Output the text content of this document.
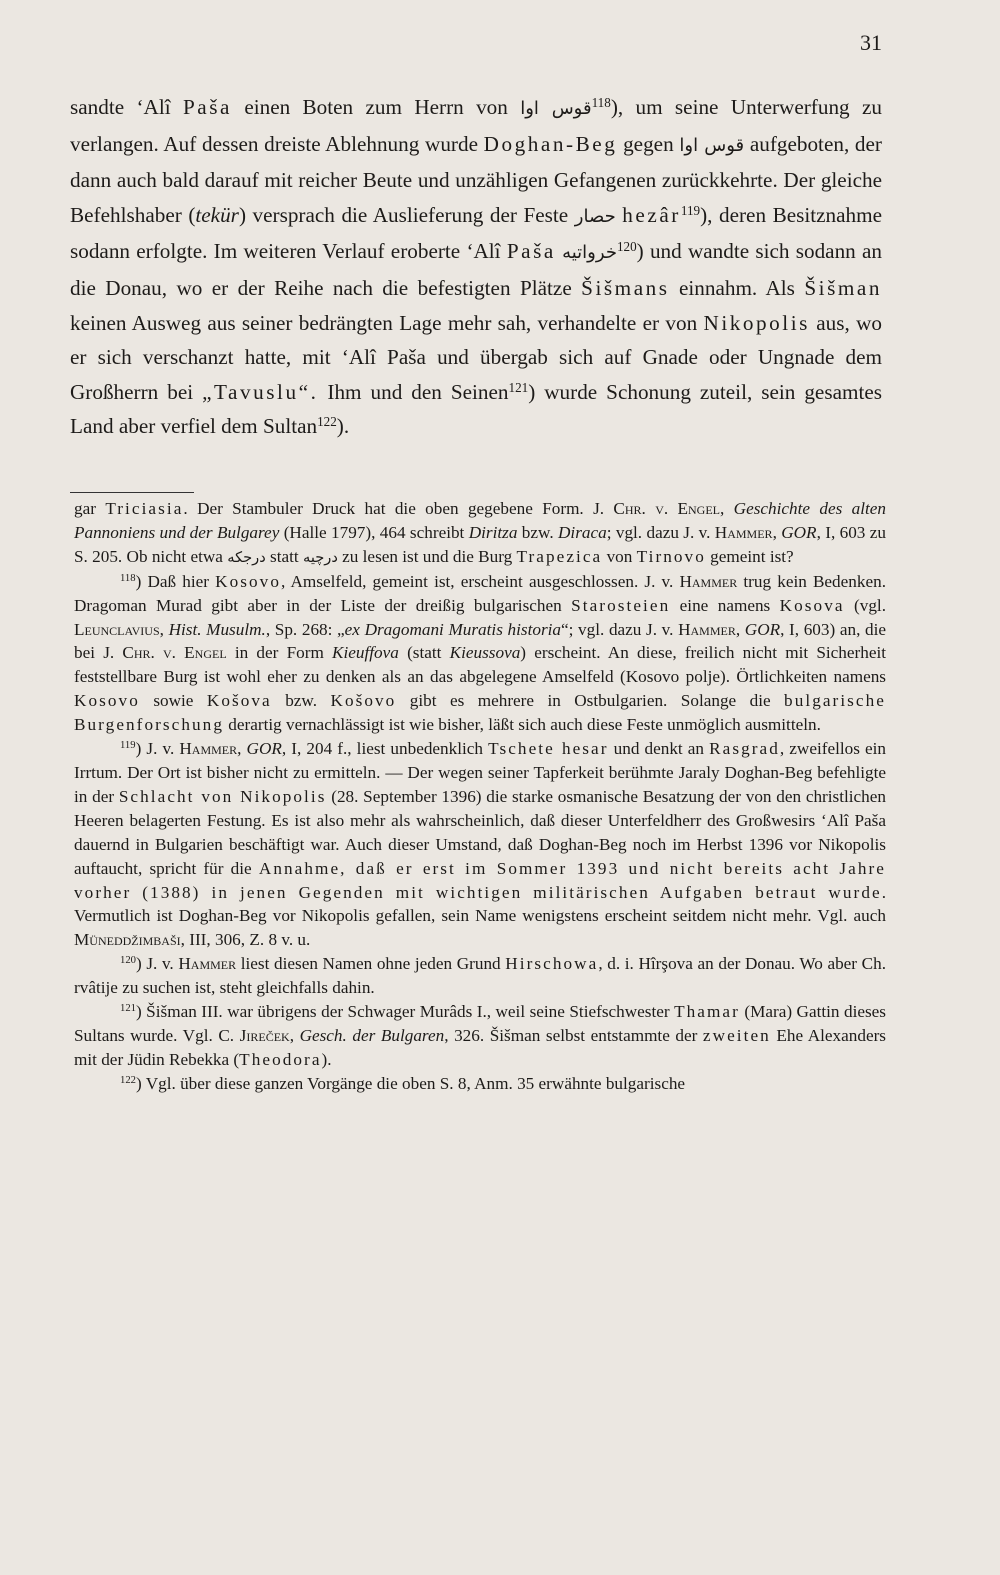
31

sandte ‘Alî Paša einen Boten zum Herrn von قوس اوا$^{118}$), um seine Unterwerfung zu verlangen. Auf dessen dreiste Ablehnung wurde Doghan-Beg gegen قوس اوا aufgeboten, der dann auch bald darauf mit reicher Beute und unzähligen Gefangenen zurückkehrte. Der gleiche Befehlshaber (tekür) versprach die Auslieferung der Feste حصار hezâr$^{119}$), deren Besitznahme sodann erfolgte. Im weiteren Verlauf eroberte ‘Alî Paša خرواتيه$^{120}$) und wandte sich sodann an die Donau, wo er der Reihe nach die befestigten Plätze Šišmans einnahm. Als Šišman keinen Ausweg aus seiner bedrängten Lage mehr sah, verhandelte er von Nikopolis aus, wo er sich verschanzt hatte, mit ‘Alî Paša und übergab sich auf Gnade oder Ungnade dem Großherrn bei „Tavuslu“. Ihm und den Seinen$^{121}$) wurde Schonung zuteil, sein gesamtes Land aber verfiel dem Sultan$^{122}$).

gar Triciasia. Der Stambuler Druck hat die oben gegebene Form. J. Chr. v. Engel, Geschichte des alten Pannoniens und der Bulgarey (Halle 1797), 464 schreibt Diritza bzw. Diraca; vgl. dazu J. v. Hammer, GOR, I, 603 zu S. 205. Ob nicht etwa درجكه statt درچيه zu lesen ist und die Burg Trapezica von Tirnovo gemeint ist?

$^{118}$) Daß hier Kosovo, Amselfeld, gemeint ist, erscheint ausgeschlossen. J. v. Hammer trug kein Bedenken. Dragoman Murad gibt aber in der Liste der dreißig bulgarischen Starosteien eine namens Kosova (vgl. Leunclavius, Hist. Musulm., Sp. 268: „ex Dragomani Muratis historia“; vgl. dazu J. v. Hammer, GOR, I, 603) an, die bei J. Chr. v. Engel in der Form Kieuffova (statt Kieussova) erscheint. An diese, freilich nicht mit Sicherheit feststellbare Burg ist wohl eher zu denken als an das abgelegene Amselfeld (Kosovo polje). Örtlichkeiten namens Kosovo sowie Košova bzw. Košovo gibt es mehrere in Ostbulgarien. Solange die bulgarische Burgenforschung derartig vernachlässigt ist wie bisher, läßt sich auch diese Feste unmöglich ausmitteln.

$^{119}$) J. v. Hammer, GOR, I, 204 f., liest unbedenklich Tschete hesar und denkt an Rasgrad, zweifellos ein Irrtum. Der Ort ist bisher nicht zu ermitteln. — Der wegen seiner Tapferkeit berühmte Jaraly Doghan-Beg befehligte in der Schlacht von Nikopolis (28. September 1396) die starke osmanische Besatzung der von den christlichen Heeren belagerten Festung. Es ist also mehr als wahrscheinlich, daß dieser Unterfeldherr des Großwesirs ‘Alî Paša dauernd in Bulgarien beschäftigt war. Auch dieser Umstand, daß Doghan-Beg noch im Herbst 1396 vor Nikopolis auftaucht, spricht für die Annahme, daß er erst im Sommer 1393 und nicht bereits acht Jahre vorher (1388) in jenen Gegenden mit wichtigen militärischen Aufgaben betraut wurde. Vermutlich ist Doghan-Beg vor Nikopolis gefallen, sein Name wenigstens erscheint seitdem nicht mehr. Vgl. auch Müneddžimbaši, III, 306, Z. 8 v. u.

$^{120}$) J. v. Hammer liest diesen Namen ohne jeden Grund Hirschowa, d. i. Hîrşova an der Donau. Wo aber Ch. rvâtije zu suchen ist, steht gleichfalls dahin.

$^{121}$) Šišman III. war übrigens der Schwager Murâds I., weil seine Stiefschwester Thamar (Mara) Gattin dieses Sultans wurde. Vgl. C. Jireček, Gesch. der Bulgaren, 326. Šišman selbst entstammte der zweiten Ehe Alexanders mit der Jüdin Rebekka (Theodora).

$^{122}$) Vgl. über diese ganzen Vorgänge die oben S. 8, Anm. 35 erwähnte bulgarische
